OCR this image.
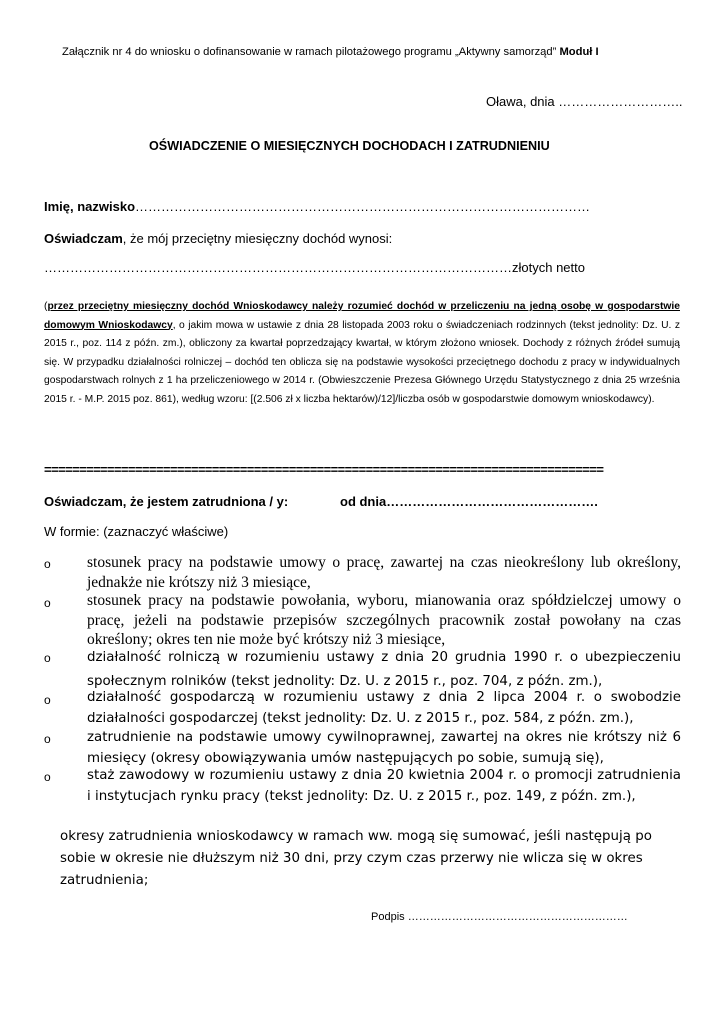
Załącznik nr 4 do wniosku o dofinansowanie w ramach pilotażowego programu „Aktywny samorząd” Moduł I
Oława, dnia ………………………..
OŚWIADCZENIE O MIESIĘCZNYCH DOCHODACH I ZATRUDNIENIU
Imię, nazwisko……………………………………………………………………………………………
Oświadczam, że mój przeciętny miesięczny dochód wynosi:
………………………………………………………………………………………………złotych netto
(przez przeciętny miesięczny dochód Wnioskodawcy należy rozumieć dochód w przeliczeniu na jedną osobę w gospodarstwie domowym Wnioskodawcy, o jakim mowa w ustawie z dnia 28 listopada 2003 roku o świadczeniach rodzinnych (tekst jednolity: Dz. U. z 2015 r., poz. 114 z późn. zm.), obliczony za kwartał poprzedzający kwartał, w którym złożono wniosek. Dochody z różnych źródeł sumują się. W przypadku działalności rolniczej – dochód ten oblicza się na podstawie wysokości przeciętnego dochodu z pracy w indywidualnych gospodarstwach rolnych z 1 ha przeliczeniowego w 2014 r. (Obwieszczenie Prezesa Głównego Urzędu Statystycznego z dnia 25 września 2015 r. - M.P. 2015 poz. 861), według wzoru: [(2.506 zł x liczba hektarów)/12]/liczba osób w gospodarstwie domowym wnioskodawcy).
================================================================================
Oświadczam, że jestem zatrudniona / y:	od dnia………………………………………….
W formie: (zaznaczyć właściwe)
o stosunek pracy na podstawie umowy o pracę, zawartej na czas nieokreślony lub określony, jednakże nie krótszy niż 3 miesiące,
o stosunek pracy na podstawie powołania, wyboru, mianowania oraz spółdzielczej umowy o pracę, jeżeli na podstawie przepisów szczególnych pracownik został powołany na czas określony; okres ten nie może być krótszy niż 3 miesiące,
o	działalność rolniczą w rozumieniu ustawy z dnia 20 grudnia 1990 r. o ubezpieczeniu społecznym rolników (tekst jednolity: Dz. U. z 2015 r., poz. 704, z późn. zm.),
o	działalność gospodarczą w rozumieniu ustawy z dnia 2 lipca 2004 r. o swobodzie działalności gospodarczej (tekst jednolity: Dz. U. z 2015 r., poz. 584, z późn. zm.),
o	zatrudnienie na podstawie umowy cywilnoprawnej, zawartej na okres nie krótszy niż 6 miesięcy (okresy obowiązywania umów następujących po sobie, sumują się),
o	staż zawodowy w rozumieniu ustawy z dnia 20 kwietnia 2004 r. o promocji zatrudnienia i instytucjach rynku pracy (tekst jednolity: Dz. U. z 2015 r., poz. 149, z późn. zm.),
okresy zatrudnienia wnioskodawcy w ramach ww. mogą się sumować, jeśli następują po sobie w okresie nie dłuższym niż 30 dni, przy czym czas przerwy nie wlicza się w okres zatrudnienia;
Podpis ……………………………………………………
